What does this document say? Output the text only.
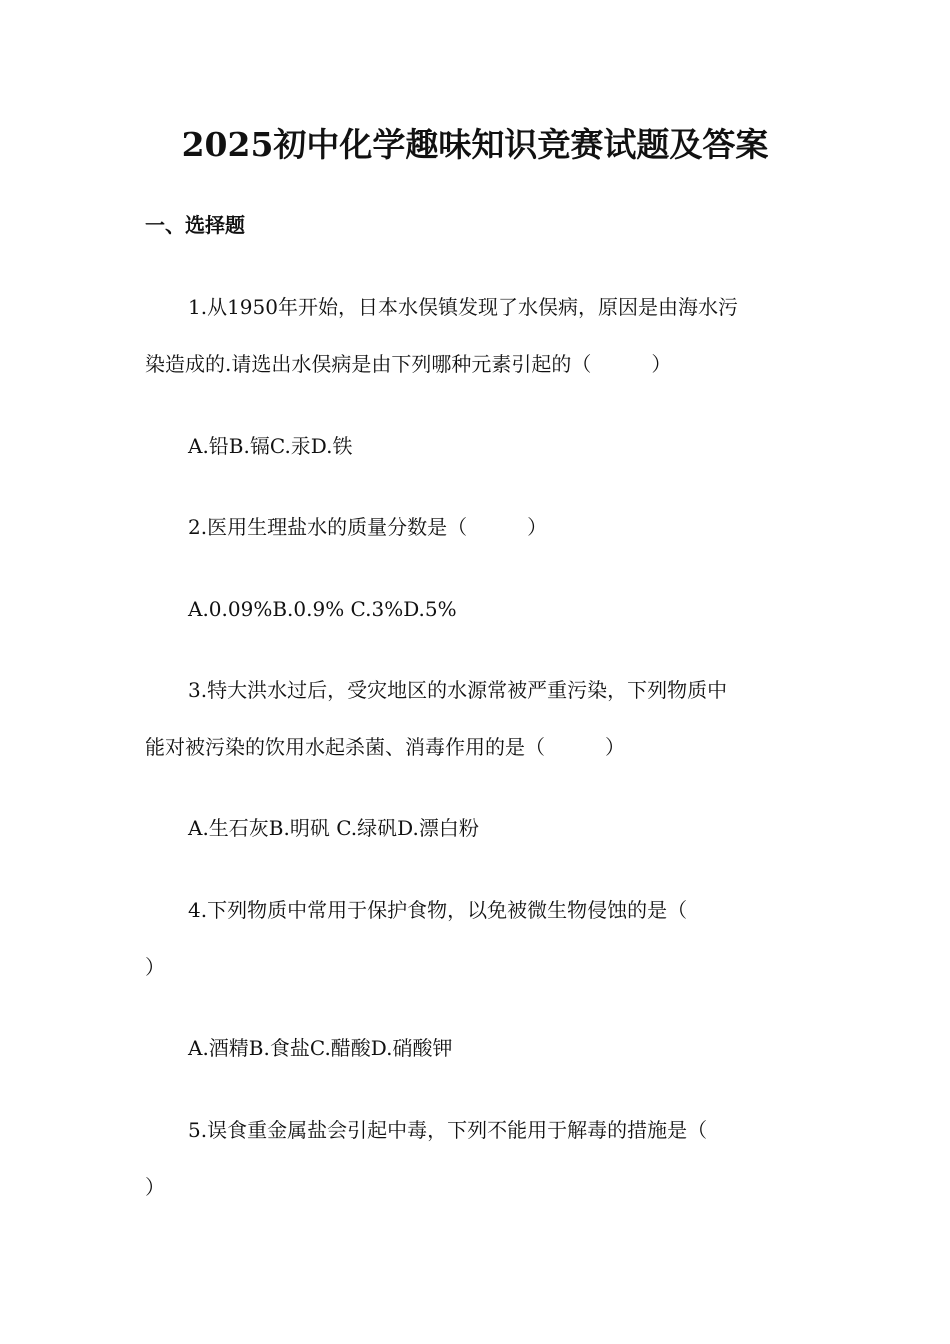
2025初中化学趣味知识竞赛试题及答案
一、选择题

1.从1950年开始，日本水俣镇发现了水俣病，原因是由海水污

染造成的.请选出水俣病是由下列哪种元素引起的（　　　）

A.铅B.镉C.汞D.铁

2.医用生理盐水的质量分数是（　　　）

A.0.09%B.0.9% C.3%D.5%

3.特大洪水过后，受灾地区的水源常被严重污染，下列物质中

能对被污染的饮用水起杀菌、消毒作用的是（　　　）

A.生石灰B.明矾 C.绿矾D.漂白粉

4.下列物质中常用于保护食物，以免被微生物侵蚀的是（

）

A.酒精B.食盐C.醋酸D.硝酸钾

5.误食重金属盐会引起中毒，下列不能用于解毒的措施是（

）
